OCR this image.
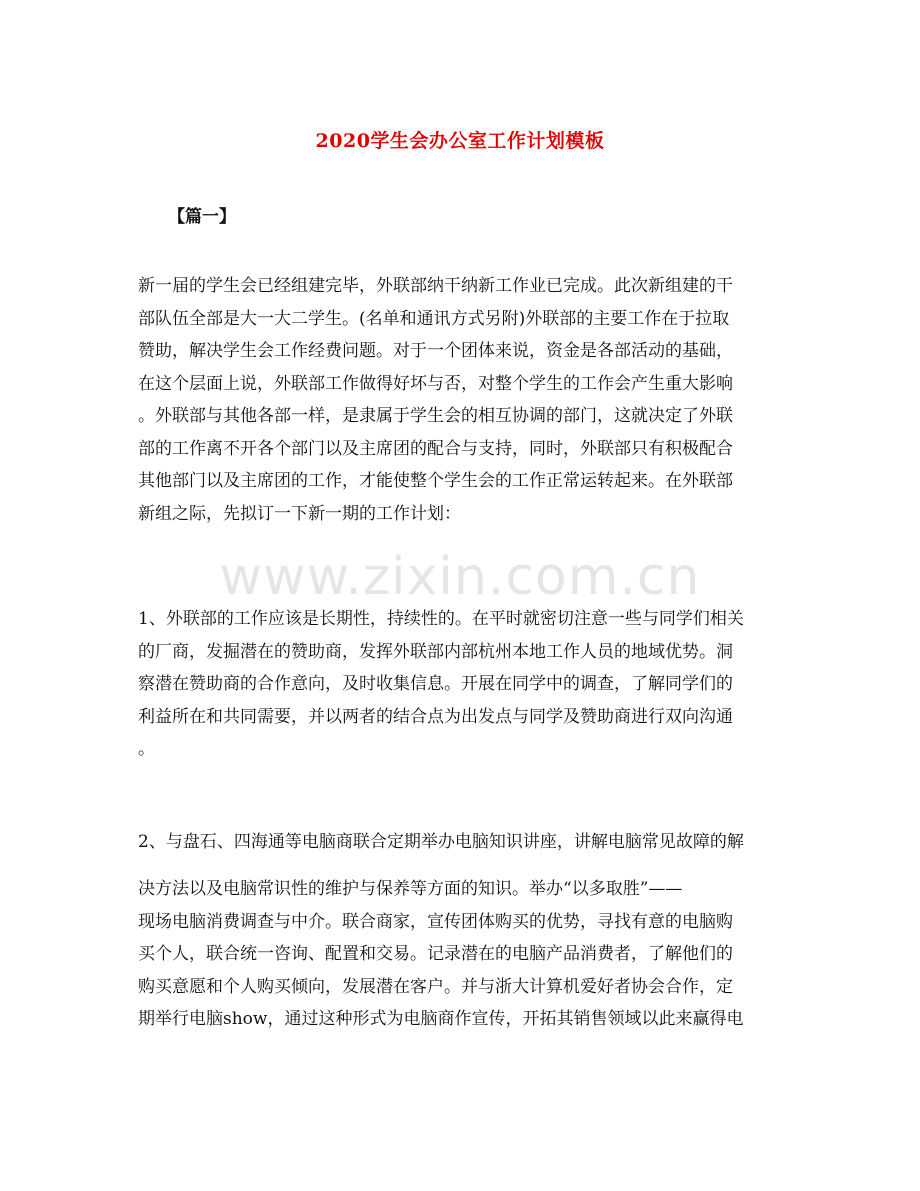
2020学生会办公室工作计划模板
【篇一】
新一届的学生会已经组建完毕，外联部纳干纳新工作业已完成。此次新组建的干
部队伍全部是大一大二学生。(名单和通讯方式另附)外联部的主要工作在于拉取
赞助，解决学生会工作经费问题。对于一个团体来说，资金是各部活动的基础，
在这个层面上说，外联部工作做得好坏与否，对整个学生的工作会产生重大影响
。外联部与其他各部一样，是隶属于学生会的相互协调的部门，这就决定了外联
部的工作离不开各个部门以及主席团的配合与支持，同时，外联部只有积极配合
其他部门以及主席团的工作，才能使整个学生会的工作正常运转起来。在外联部
新组之际，先拟订一下新一期的工作计划：
www.zixin.com.cn
1、外联部的工作应该是长期性，持续性的。在平时就密切注意一些与同学们相关
的厂商，发掘潜在的赞助商，发挥外联部内部杭州本地工作人员的地域优势。洞
察潜在赞助商的合作意向，及时收集信息。开展在同学中的调查，了解同学们的
利益所在和共同需要，并以两者的结合点为出发点与同学及赞助商进行双向沟通
。
2、与盘石、四海通等电脑商联合定期举办电脑知识讲座，讲解电脑常见故障的解
决方法以及电脑常识性的维护与保养等方面的知识。举办“以多取胜”——
现场电脑消费调查与中介。联合商家，宣传团体购买的优势，寻找有意的电脑购
买个人，联合统一咨询、配置和交易。记录潜在的电脑产品消费者，了解他们的
购买意愿和个人购买倾向，发展潜在客户。并与浙大计算机爱好者协会合作，定
期举行电脑show，通过这种形式为电脑商作宣传，开拓其销售领域以此来赢得电
